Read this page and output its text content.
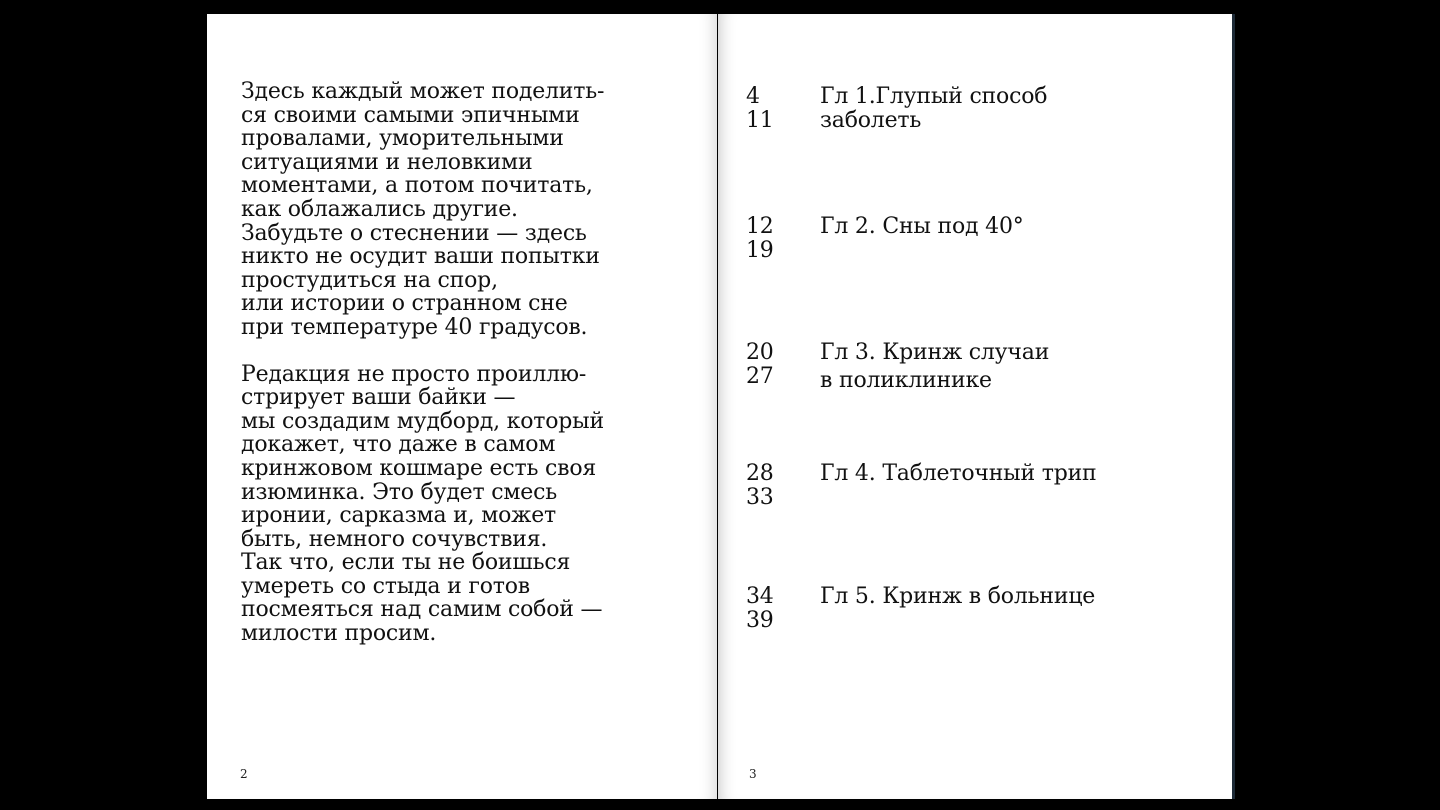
Здесь каждый может поделить-
ся своими самыми эпичными
провалами, уморительными
ситуациями и неловкими
моментами, а потом почитать,
как облажались другие.
Забудьте о стеснении — здесь
никто не осудит ваши попытки
простудиться на спор,
или истории о странном сне
при температуре 40 градусов.

Редакция не просто проиллю-
стрирует ваши байки —
мы создадим мудборд, который
докажет, что даже в самом
кринжовом кошмаре есть своя
изюминка. Это будет смесь
иронии, сарказма и, может
быть, немного сочувствия.
Так что, если ты не боишься
умереть со стыда и готов
посмеяться над самим собой —
милости просим.

2
4
11
Гл 1.Глупый способ
заболеть
12
19
Гл 2. Сны под 40°
20
27
Гл 3. Кринж случаи
в поликлинике
28
33
Гл 4. Таблеточный трип
34
39
Гл 5. Кринж в больнице
3
